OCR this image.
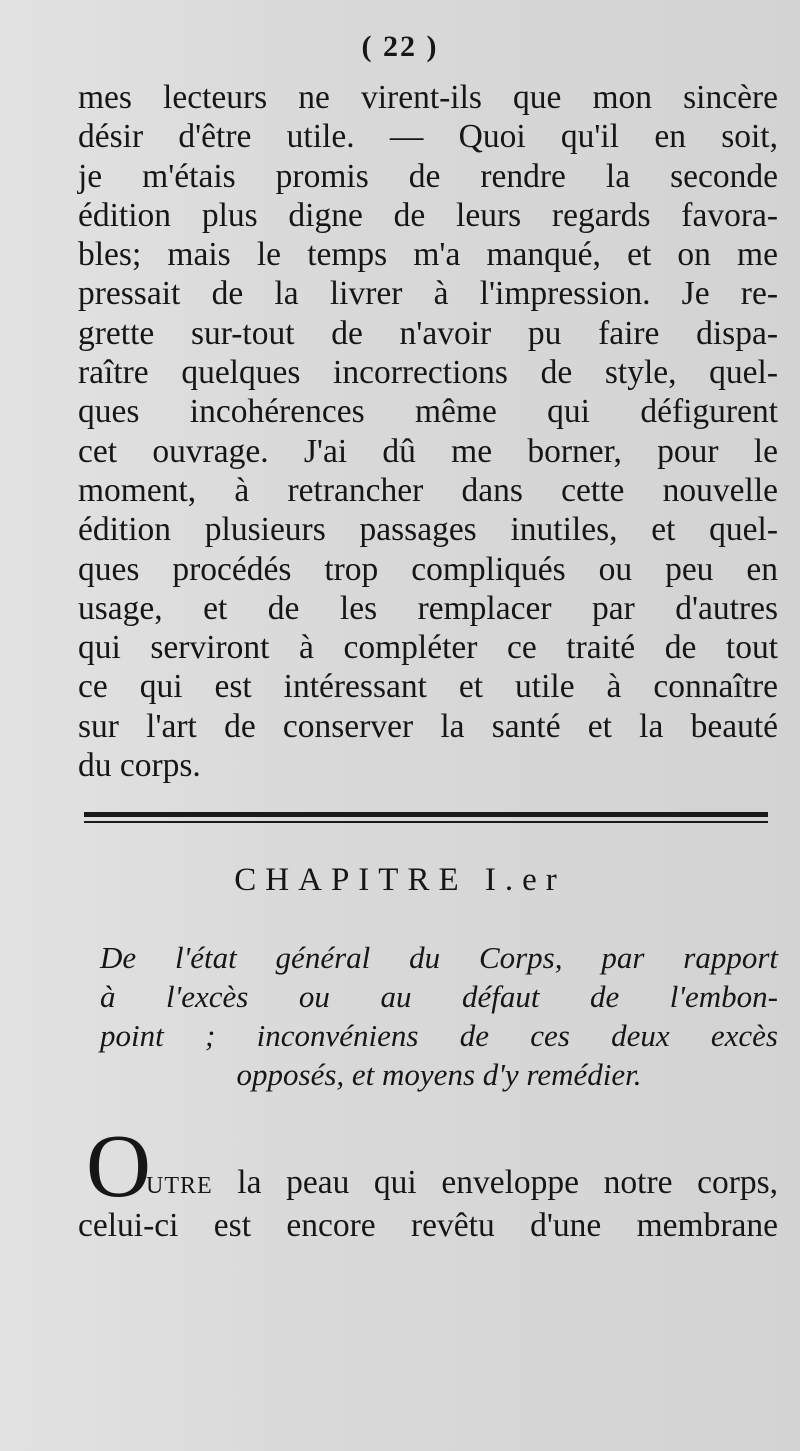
( 22 )
mes lecteurs ne virent-ils que mon sincère
désir d'être utile. — Quoi qu'il en soit,
je m'étais promis de rendre la seconde
édition plus digne de leurs regards favora-
bles; mais le temps m'a manqué, et on me
pressait de la livrer à l'impression. Je re-
grette sur-tout de n'avoir pu faire dispa-
raître quelques incorrections de style, quel-
ques incohérences même qui défigurent
cet ouvrage. J'ai dû me borner, pour le
moment, à retrancher dans cette nouvelle
édition plusieurs passages inutiles, et quel-
ques procédés trop compliqués ou peu en
usage, et de les remplacer par d'autres
qui serviront à compléter ce traité de tout
ce qui est intéressant et utile à connaître
sur l'art de conserver la santé et la beauté
du corps.
CHAPITRE I.er
De l'état général du Corps, par rapport
à l'excès ou au défaut de l'embon-
point ; inconvéniens de ces deux excès
opposés, et moyens d'y remédier.
O
UTRE la peau qui enveloppe notre corps,
celui-ci est encore revêtu d'une membrane
